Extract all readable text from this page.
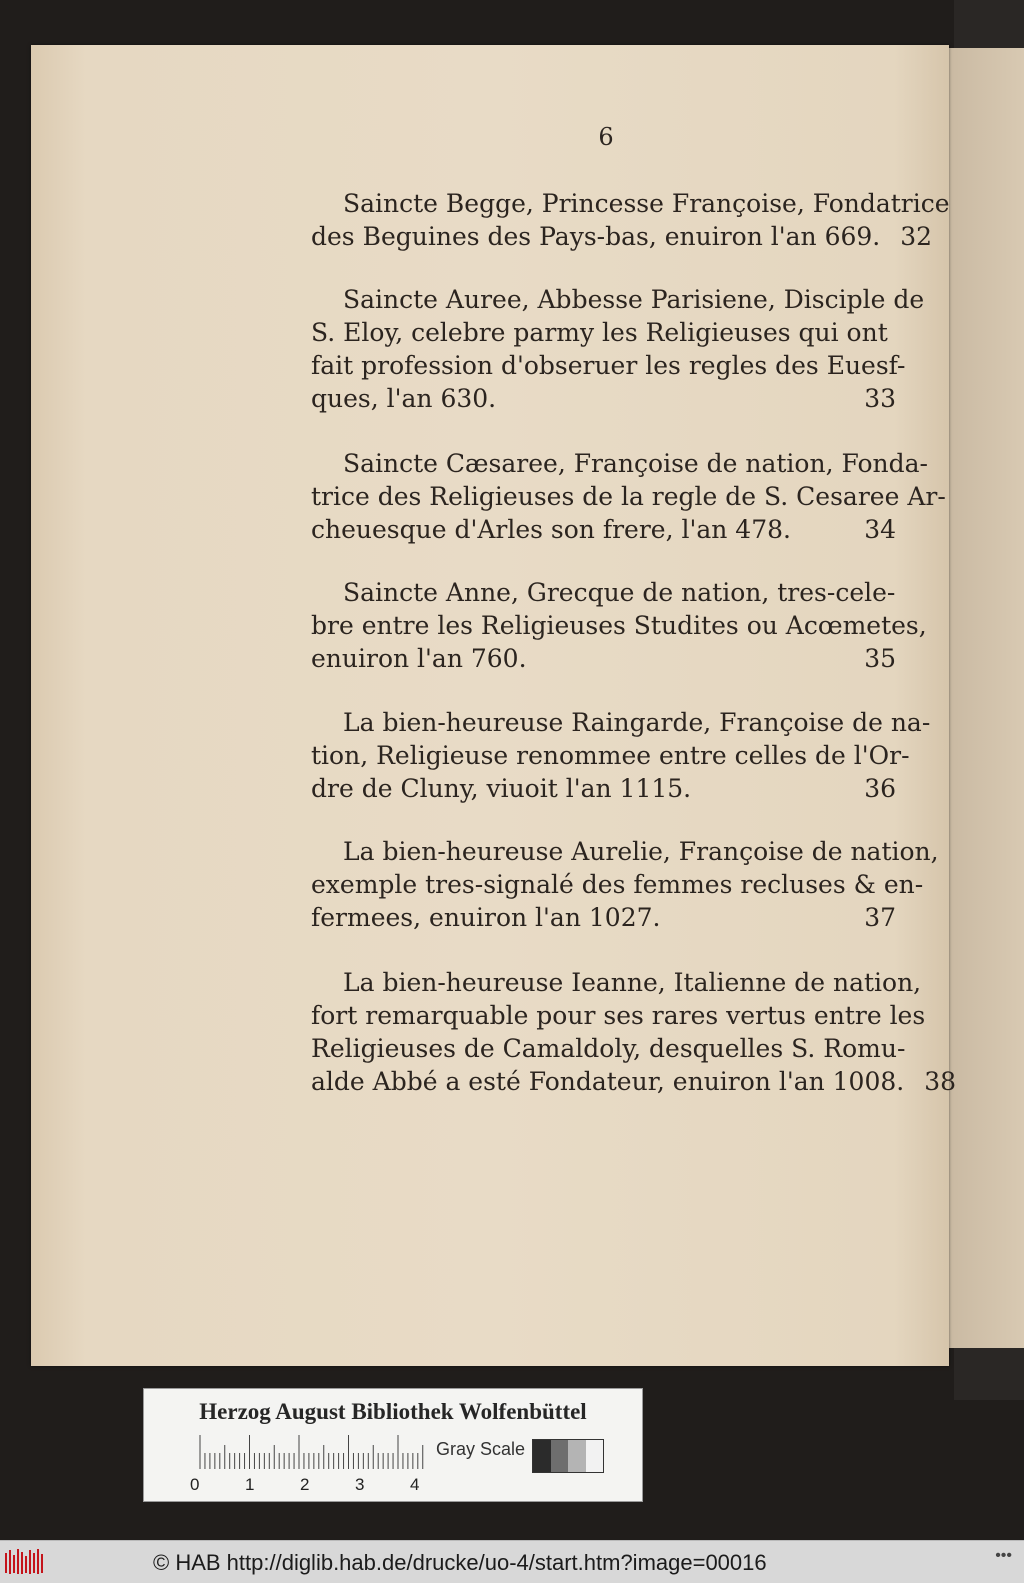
6
Saincte Begge, Princesse Françoise, Fondatrice
des Beguines des Pays-bas, enuiron l'an 669. 32
Saincte Auree, Abbesse Parisiene, Disciple de
S. Eloy, celebre parmy les Religieuses qui ont
fait profession d'obseruer les regles des Euesf-
ques, l'an 630.	33
Saincte Cæsaree, Françoise de nation, Fonda-
trice des Religieuses de la regle de S. Cesaree Ar-
cheuesque d'Arles son frere, l'an 478.	34
Saincte Anne, Grecque de nation, tres-cele-
bre entre les Religieuses Studites ou Acœmetes,
enuiron l'an 760.	35
La bien-heureuse Raingarde, Françoise de na-
tion, Religieuse renommee entre celles de l'Or-
dre de Cluny, viuoit l'an 1115.	36
La bien-heureuse Aurelie, Françoise de nation,
exemple tres-signalé des femmes recluses & en-
fermees, enuiron l'an 1027.	37
La bien-heureuse Ieanne, Italienne de nation,
fort remarquable pour ses rares vertus entre les
Religieuses de Camaldoly, desquelles S. Romu-
alde Abbé a esté Fondateur, enuiron l'an 1008. 38
Herzog August Bibliothek Wolfenbüttel
0	1	2	3	4
Gray Scale
© HAB http://diglib.hab.de/drucke/uo-4/start.htm?image=00016	•••
